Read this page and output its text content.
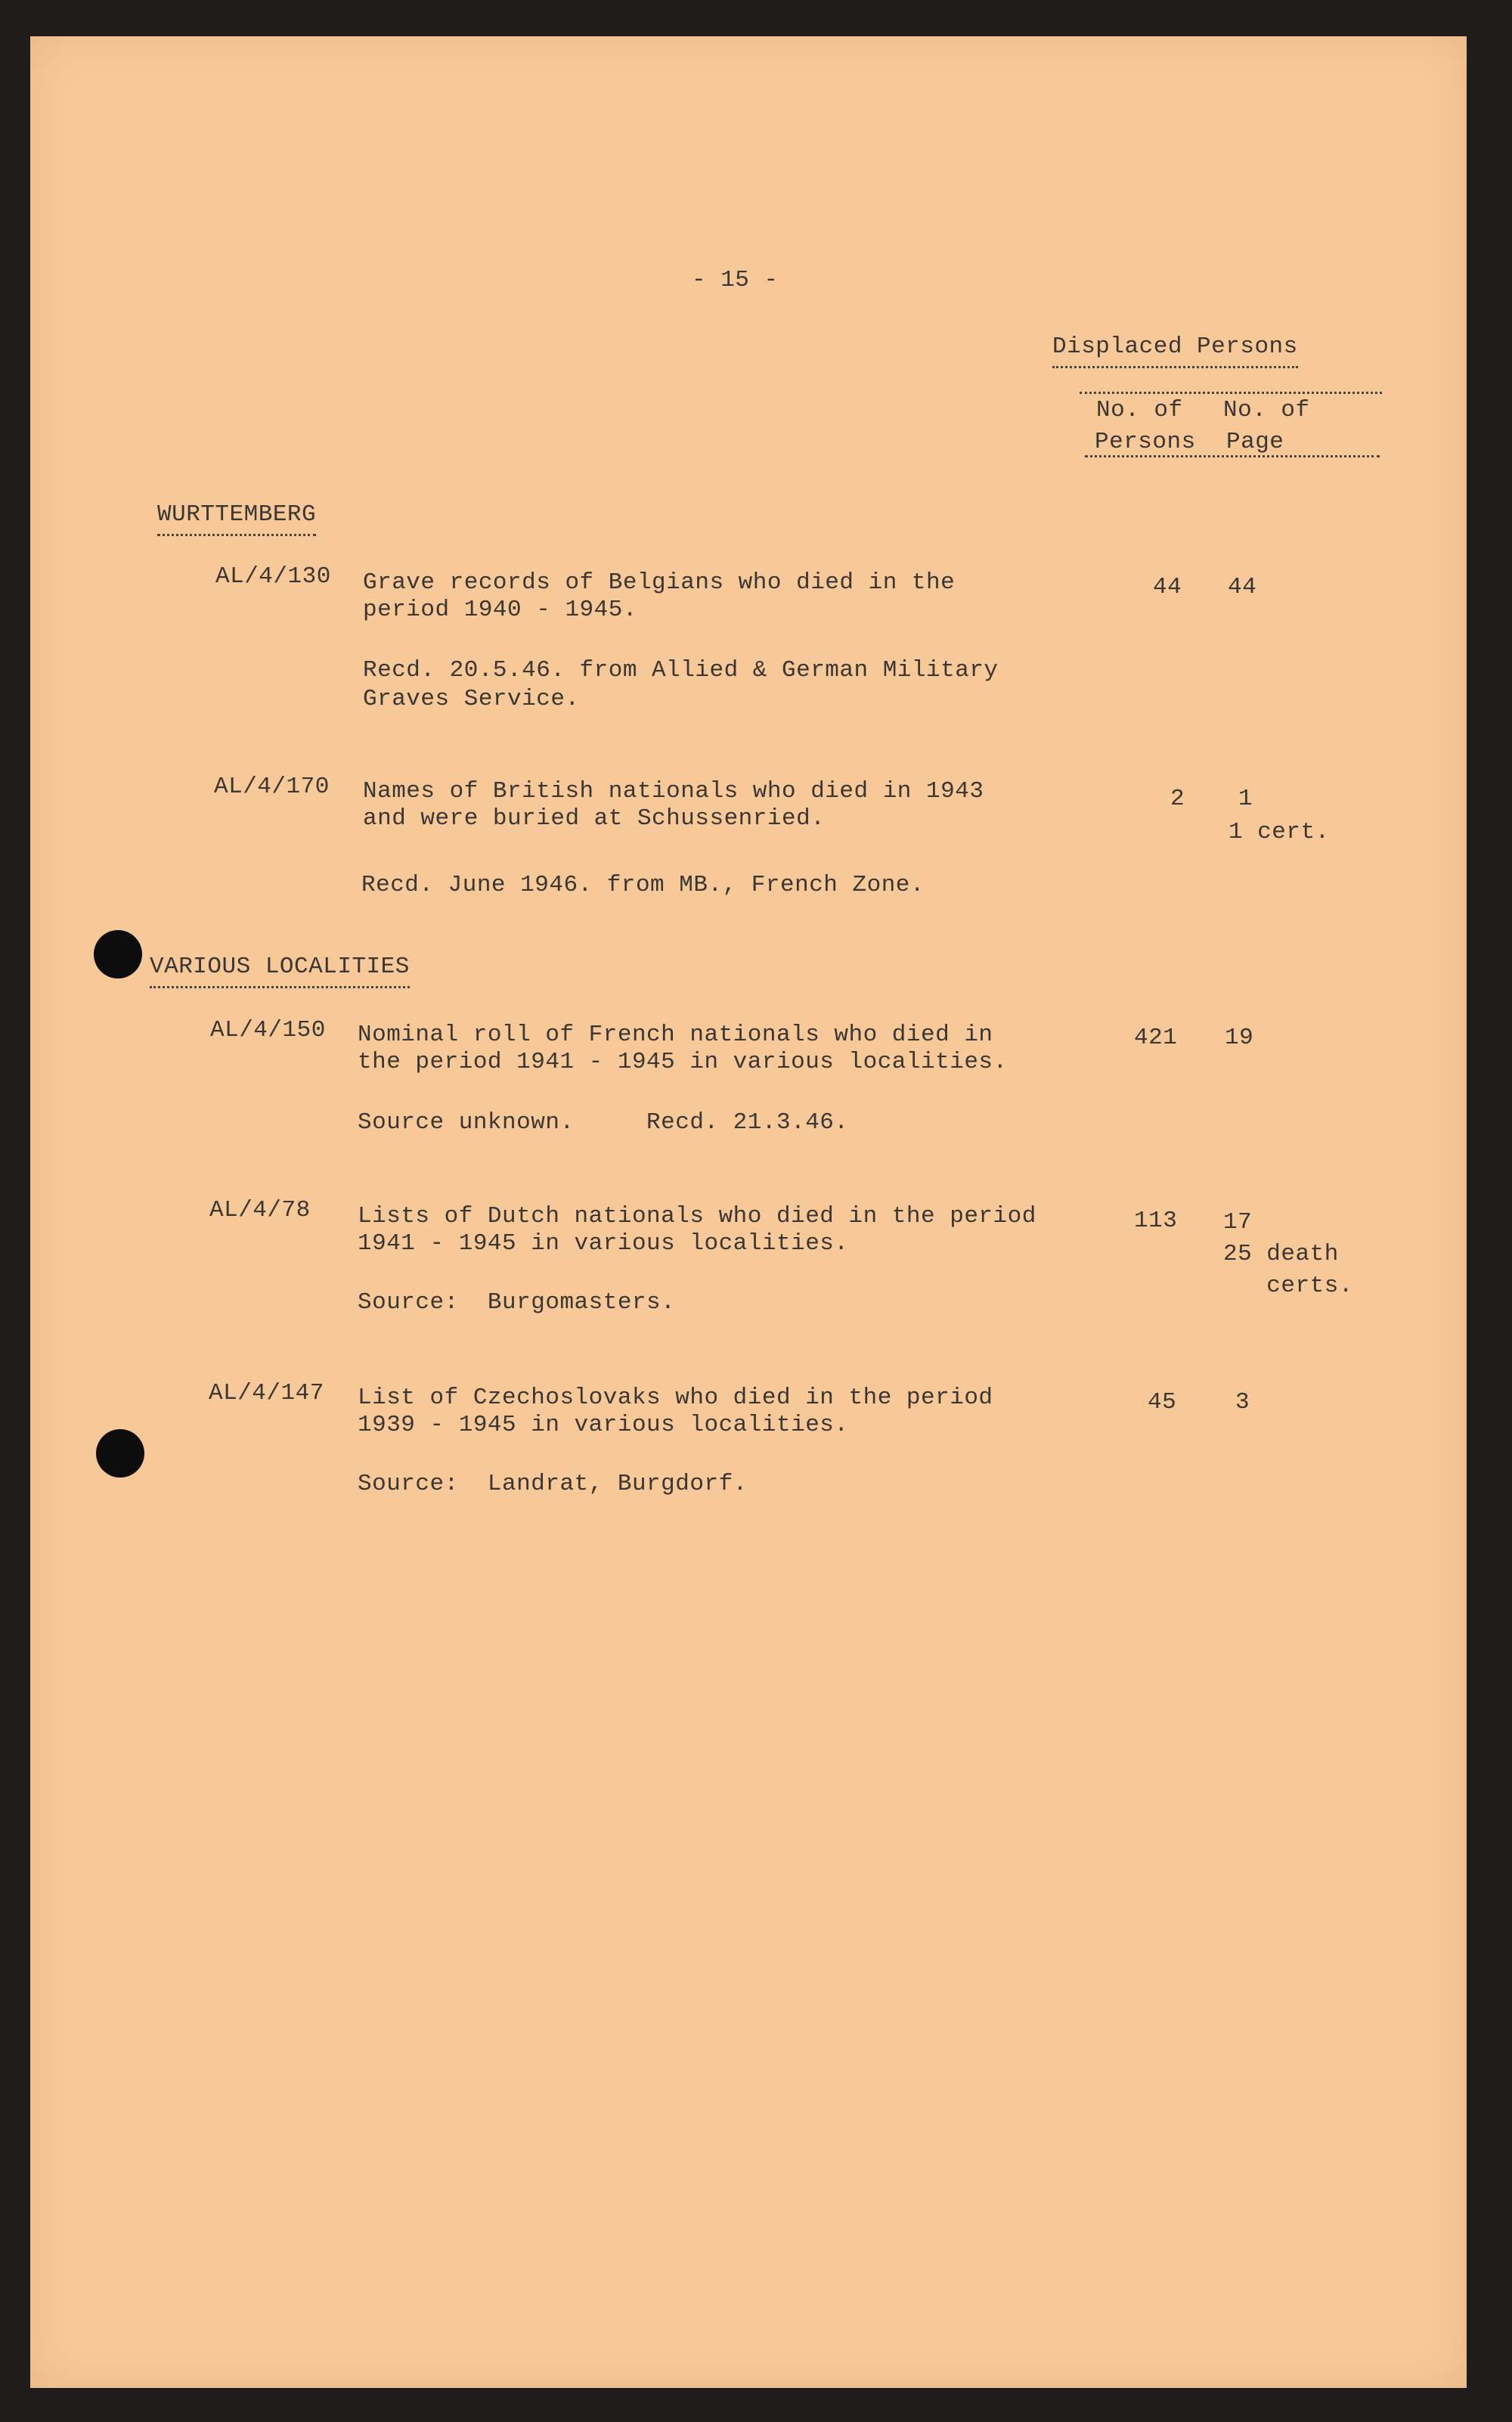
- 15 -
Displaced Persons
No. of
Persons
No. of
Page
WURTTEMBERG
AL/4/130 Grave records of Belgians who died in the
period 1940 - 1945.
Recd. 20.5.46. from Allied & German Military
Graves Service.
44 44
AL/4/170 Names of British nationals who died in 1943
and were buried at Schussenried.
Recd. June 1946. from MB., French Zone.
2 1
1 cert.
VARIOUS LOCALITIES
AL/4/150 Nominal roll of French nationals who died in
the period 1941 - 1945 in various localities.
Source unknown.     Recd. 21.3.46.
421 19
AL/4/78 Lists of Dutch nationals who died in the period
1941 - 1945 in various localities.
Source:  Burgomasters.
113 17
25 death
certs.
AL/4/147 List of Czechoslovaks who died in the period
1939 - 1945 in various localities.
Source:  Landrat, Burgdorf.
45	3
